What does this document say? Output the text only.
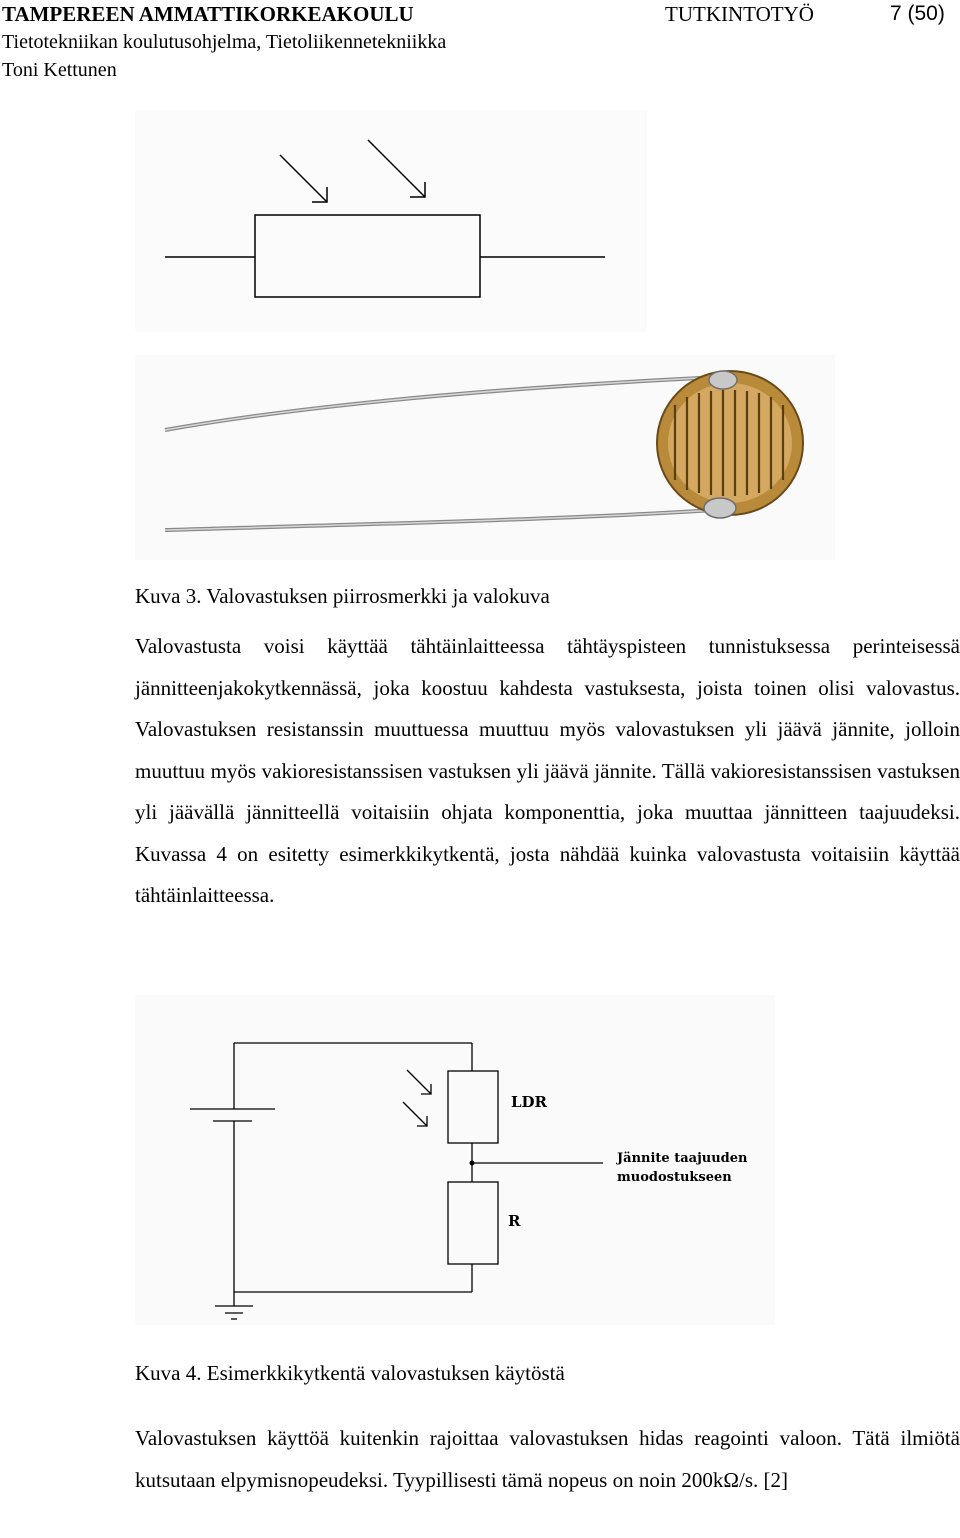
TAMPEREEN AMMATTIKORKEAKOULU	TUTKINTOTYÖ	7 (50)
Tietotekniikan koulutusohjelma, Tietoliikennetekniikka
Toni Kettunen
Kuva 3. Valovastuksen piirrosmerkki ja valokuva

Valovastusta voisi käyttää tähtäinlaitteessa tähtäyspisteen tunnistuksessa perinteisessä jännitteenjakokytkennässä, joka koostuu kahdesta vastuksesta, joista toinen olisi valovastus. Valovastuksen resistanssin muuttuessa muuttuu myös valovastuksen yli jäävä jännite, jolloin muuttuu myös vakioresistanssisen vastuksen yli jäävä jännite. Tällä vakioresistanssisen vastuksen yli jäävällä jännitteellä voitaisiin ohjata komponenttia, joka muuttaa jännitteen taajuudeksi. Kuvassa 4 on esitetty esimerkkikytkentä, josta nähdää kuinka valovastusta voitaisiin käyttää tähtäinlaitteessa.

LDR
R
Jännite taajuuden
muodostukseen
Kuva 4. Esimerkkikytkentä valovastuksen käytöstä

Valovastuksen käyttöä kuitenkin rajoittaa valovastuksen hidas reagointi valoon. Tätä ilmiötä kutsutaan elpymisnopeudeksi. Tyypillisesti tämä nopeus on noin 200kΩ/s. [2]
